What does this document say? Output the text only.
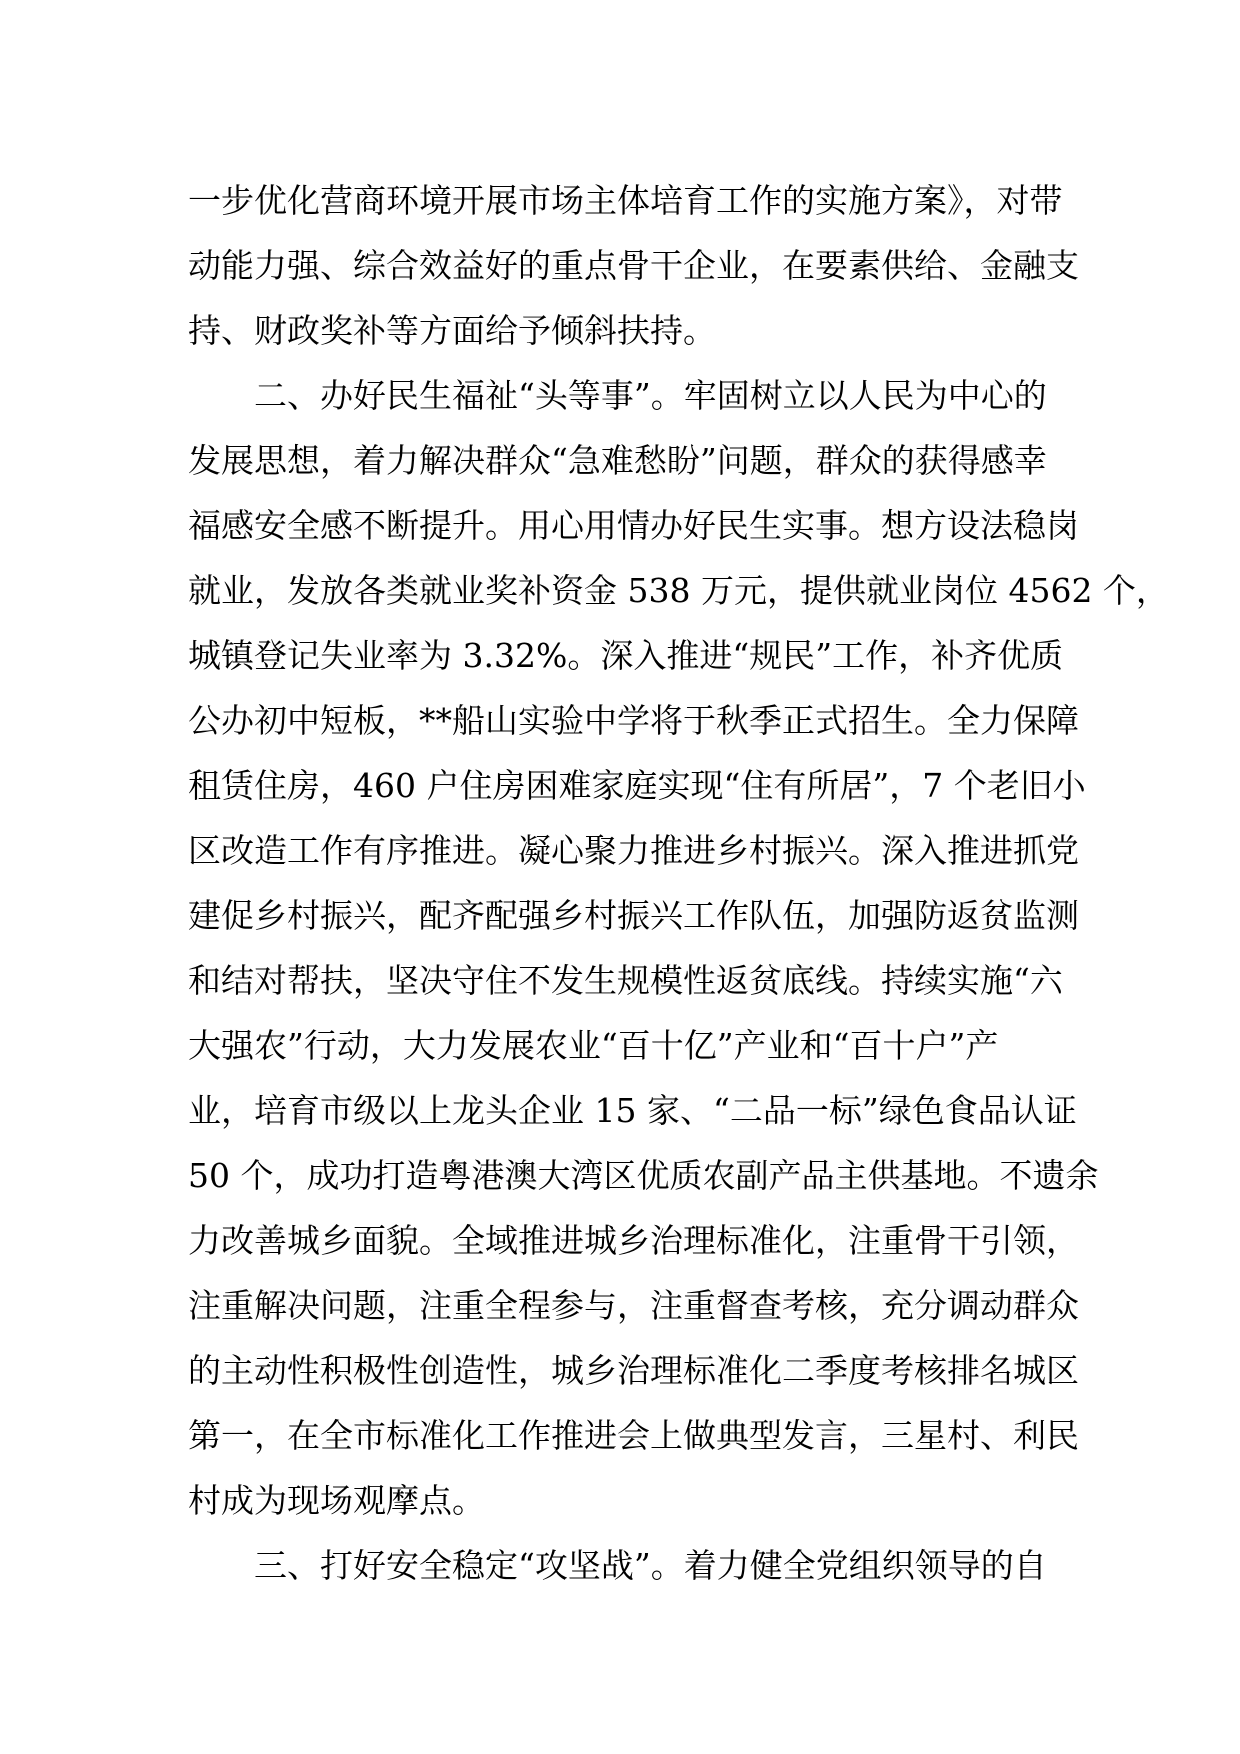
一步优化营商环境开展市场主体培育工作的实施方案》，对带
动能力强、综合效益好的重点骨干企业，在要素供给、金融支
持、财政奖补等方面给予倾斜扶持。
　　二、办好民生福祉“头等事”。牢固树立以人民为中心的
发展思想，着力解决群众“急难愁盼”问题，群众的获得感幸
福感安全感不断提升。用心用情办好民生实事。想方设法稳岗
就业，发放各类就业奖补资金 538 万元，提供就业岗位 4562 个，
城镇登记失业率为 3.32%。深入推进“规民”工作，补齐优质
公办初中短板，**船山实验中学将于秋季正式招生。全力保障
租赁住房，460 户住房困难家庭实现“住有所居”，7 个老旧小
区改造工作有序推进。凝心聚力推进乡村振兴。深入推进抓党
建促乡村振兴，配齐配强乡村振兴工作队伍，加强防返贫监测
和结对帮扶，坚决守住不发生规模性返贫底线。持续实施“六
大强农”行动，大力发展农业“百十亿”产业和“百十户”产
业，培育市级以上龙头企业 15 家、“二品一标”绿色食品认证
50 个，成功打造粤港澳大湾区优质农副产品主供基地。不遗余
力改善城乡面貌。全域推进城乡治理标准化，注重骨干引领，
注重解决问题，注重全程参与，注重督查考核，充分调动群众
的主动性积极性创造性，城乡治理标准化二季度考核排名城区
第一，在全市标准化工作推进会上做典型发言，三星村、利民
村成为现场观摩点。
　　三、打好安全稳定“攻坚战”。着力健全党组织领导的自
